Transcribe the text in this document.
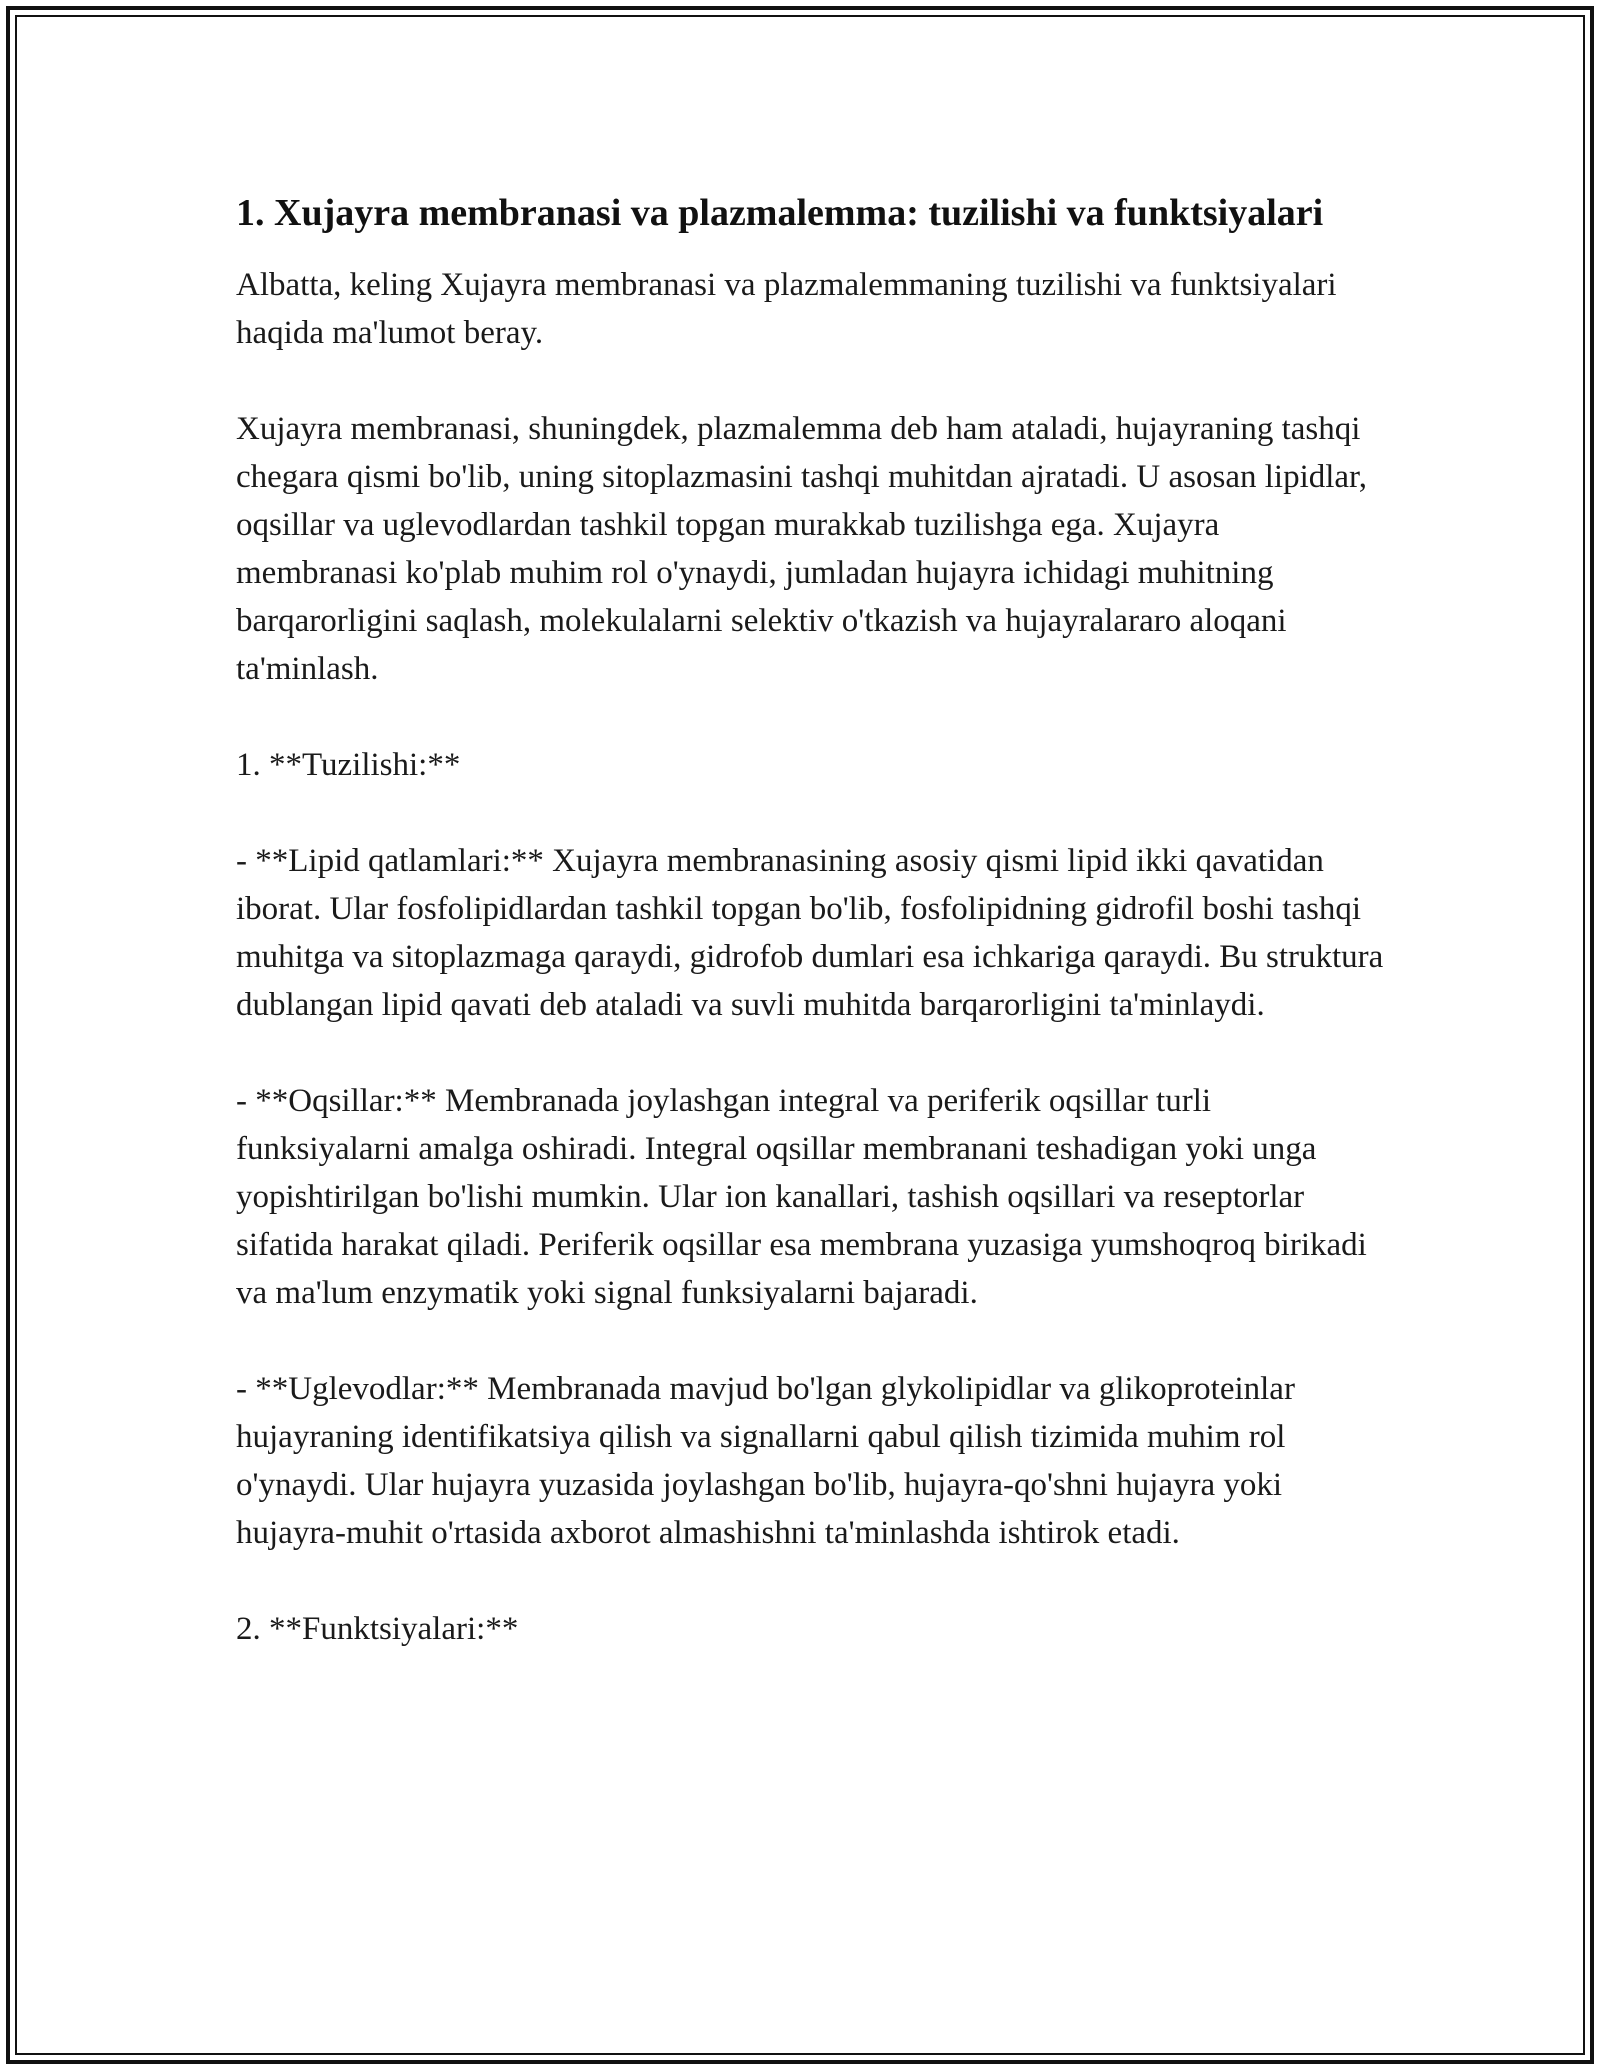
1. Xujayra membranasi va plazmalemma: tuzilishi va funktsiyalari

Albatta, keling Xujayra membranasi va plazmalemmaning tuzilishi va funktsiyalari haqida ma'lumot beray.

Xujayra membranasi, shuningdek, plazmalemma deb ham ataladi, hujayraning tashqi chegara qismi bo'lib, uning sitoplazmasini tashqi muhitdan ajratadi. U asosan lipidlar, oqsillar va uglevodlardan tashkil topgan murakkab tuzilishga ega. Xujayra membranasi ko'plab muhim rol o'ynaydi, jumladan hujayra ichidagi muhitning barqarorligini saqlash, molekulalarni selektiv o'tkazish va hujayralararo aloqani ta'minlash.

1. **Tuzilishi:**

- **Lipid qatlamlari:** Xujayra membranasining asosiy qismi lipid ikki qavatidan iborat. Ular fosfolipidlardan tashkil topgan bo'lib, fosfolipidning gidrofil boshi tashqi muhitga va sitoplazmaga qaraydi, gidrofob dumlari esa ichkariga qaraydi. Bu struktura dublangan lipid qavati deb ataladi va suvli muhitda barqarorligini ta'minlaydi.

- **Oqsillar:** Membranada joylashgan integral va periferik oqsillar turli funksiyalarni amalga oshiradi. Integral oqsillar membranani teshadigan yoki unga yopishtirilgan bo'lishi mumkin. Ular ion kanallari, tashish oqsillari va reseptorlar sifatida harakat qiladi. Periferik oqsillar esa membrana yuzasiga yumshoqroq birikadi va ma'lum enzymatik yoki signal funksiyalarni bajaradi.

- **Uglevodlar:** Membranada mavjud bo'lgan glykolipidlar va glikoproteinlar hujayraning identifikatsiya qilish va signallarni qabul qilish tizimida muhim rol o'ynaydi. Ular hujayra yuzasida joylashgan bo'lib, hujayra-qo'shni hujayra yoki hujayra-muhit o'rtasida axborot almashishni ta'minlashda ishtirok etadi.

2. **Funktsiyalari:**
